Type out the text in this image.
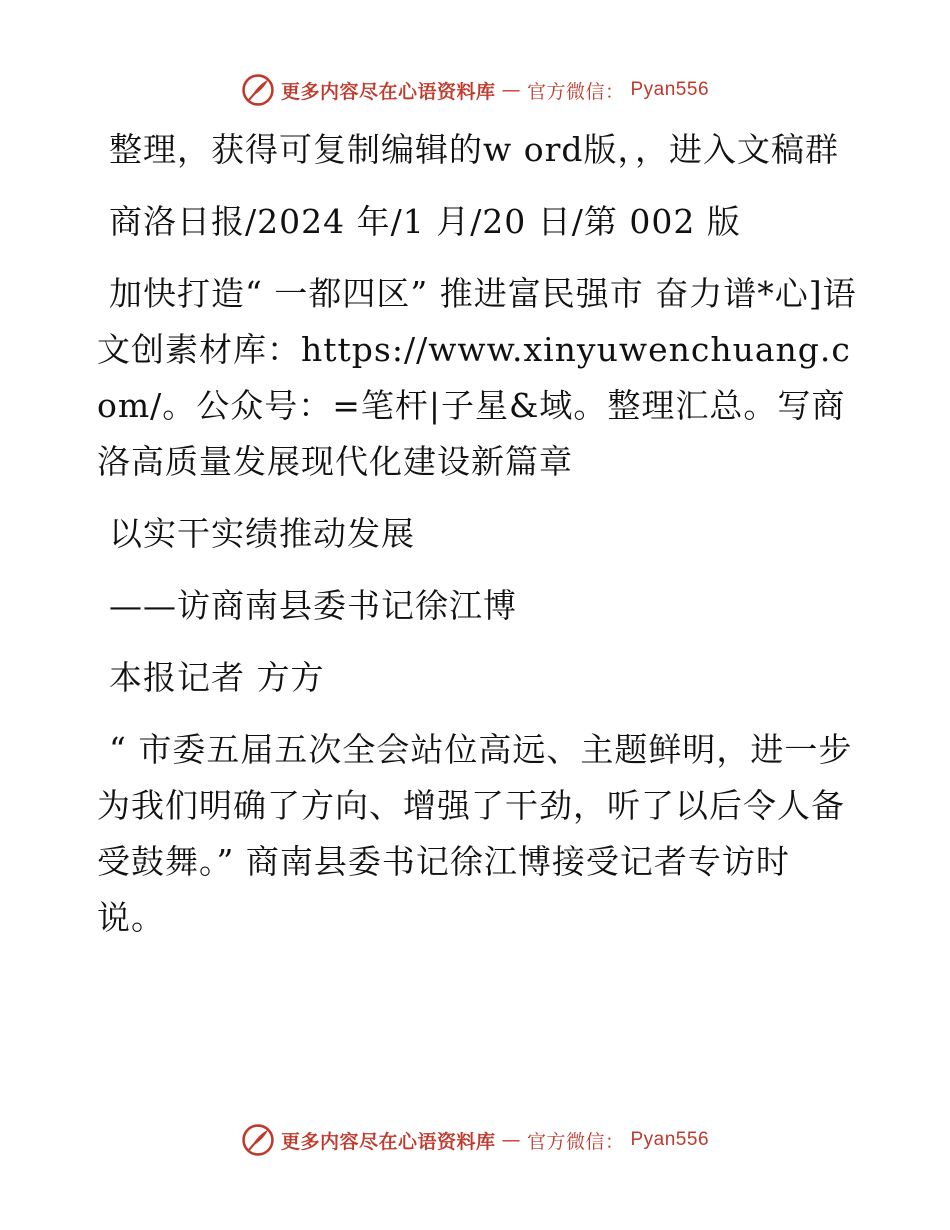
更多内容尽在心语资料库 — 官方微信： Pyan556

整理，获得可复制编辑的w ord版，，进入文稿群

商洛日报/2024 年/1 月/20 日/第 002 版

加快打造“ 一都四区” 推进富民强市 奋力谱*心]语文创素材库：https://www.xinyuwenchuang.com/。公众号：=笔杆|子星&域。整理汇总。写商洛高质量发展现代化建设新篇章

以实干实绩推动发展

——访商南县委书记徐江博

本报记者 方方

“ 市委五届五次全会站位高远、主题鲜明，进一步为我们明确了方向、增强了干劲，听了以后令人备受鼓舞。” 商南县委书记徐江博接受记者专访时说。

更多内容尽在心语资料库 — 官方微信： Pyan556
